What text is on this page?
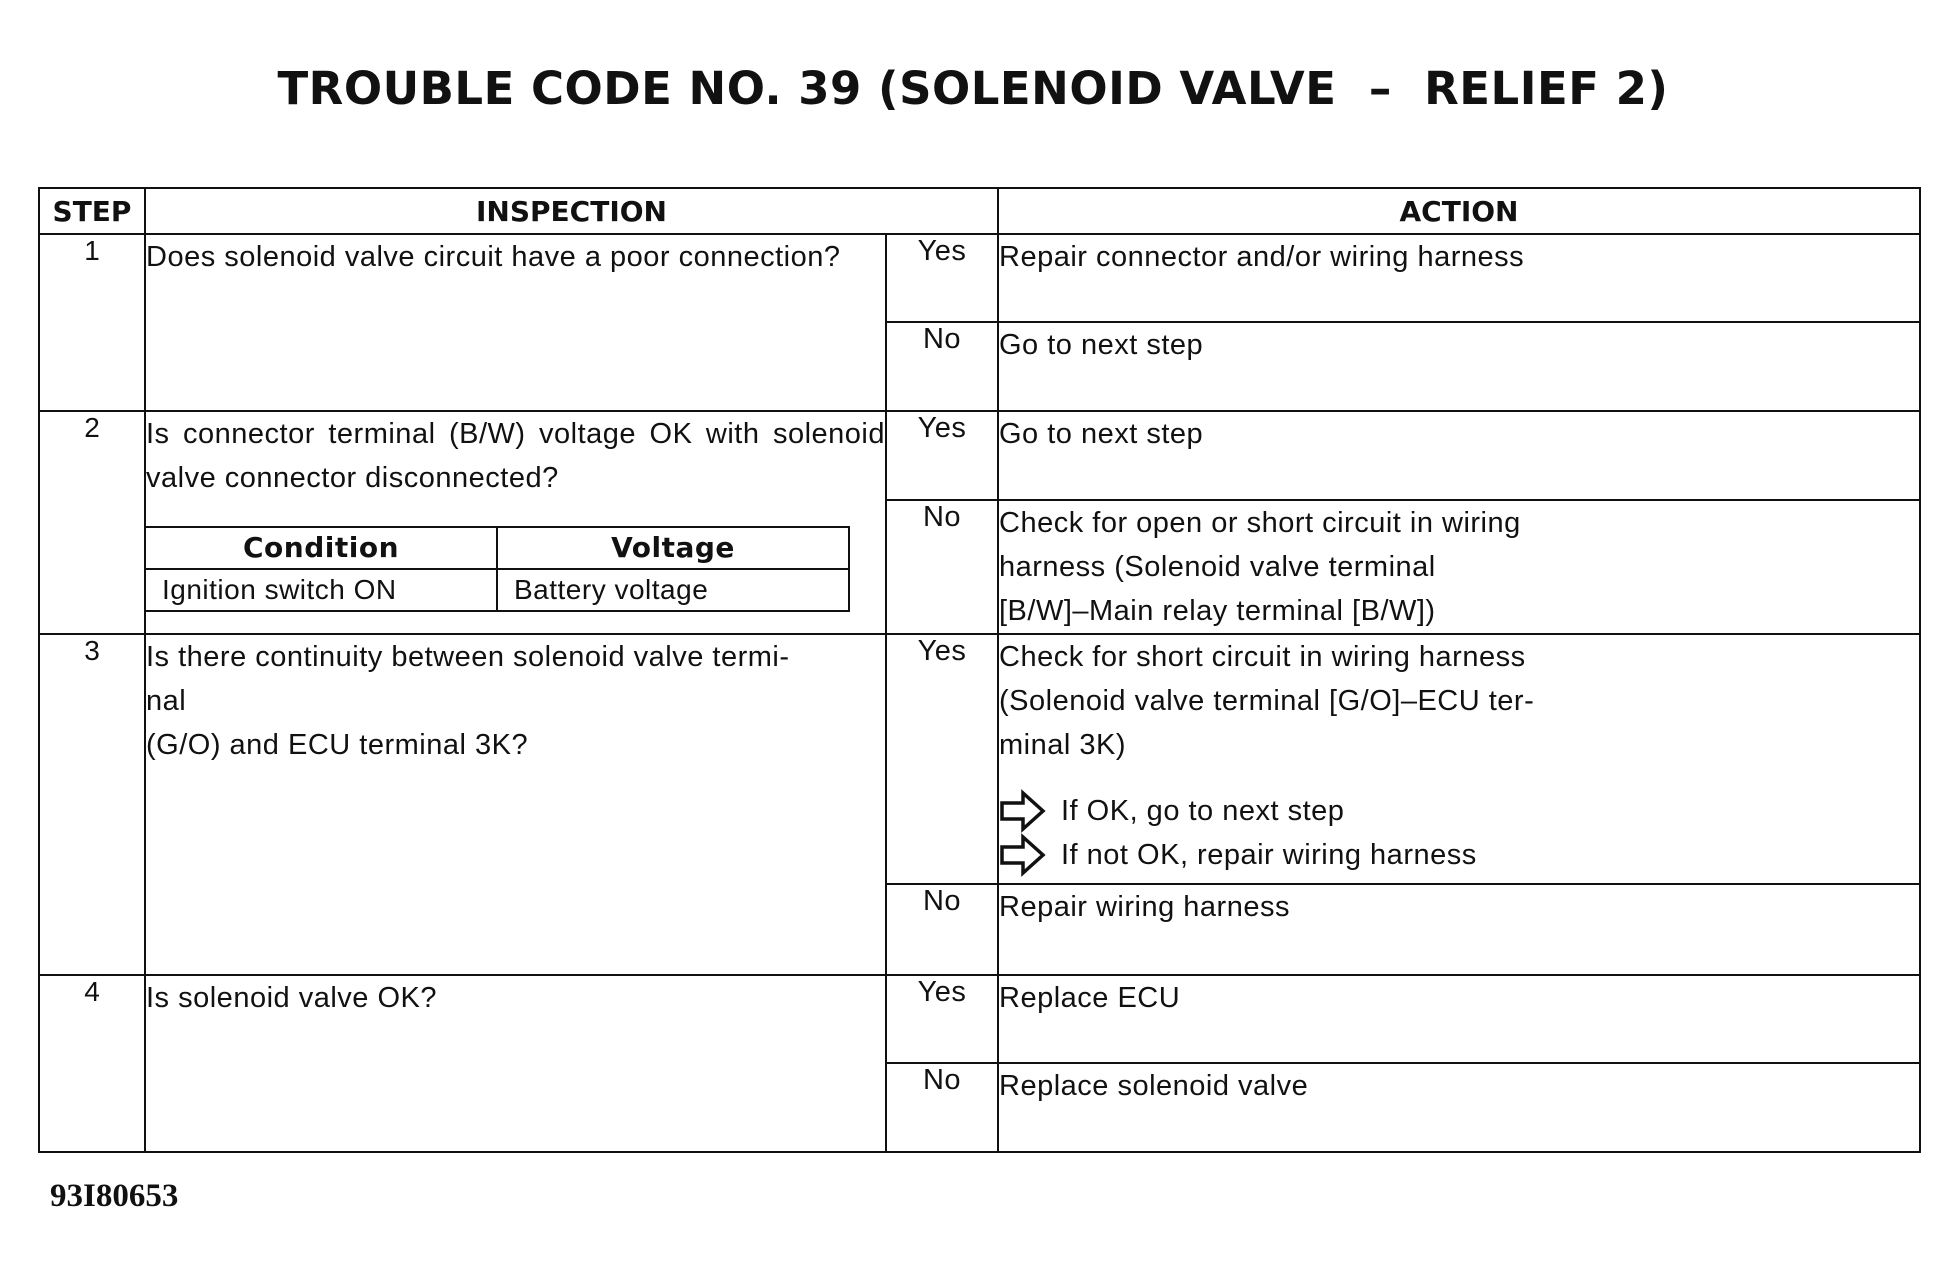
TROUBLE CODE NO. 39 (SOLENOID VALVE  –  RELIEF 2)
STEP	INSPECTION	ACTION
1	Does solenoid valve circuit have a poor connection?	Yes	Repair connector and/or wiring harness
No	Go to next step
2	Is connector terminal (B/W) voltage OK with solenoid valve connector disconnected?
Condition	Voltage
Ignition switch ON	Battery voltage
	Yes	Go to next step
No	Check for open or short circuit in wiring
harness (Solenoid valve terminal
[B/W]–Main relay terminal [B/W])

3	Is there continuity between solenoid valve termi-
nal
(G/O) and ECU terminal 3K?
	Yes	Check for short circuit in wiring harness
(Solenoid valve terminal [G/O]–ECU ter-
minal 3K)
If OK, go to next step
If not OK, repair wiring harness

No	Repair wiring harness
4	Is solenoid valve OK?	Yes	Replace ECU
No	Replace solenoid valve
93I80653
